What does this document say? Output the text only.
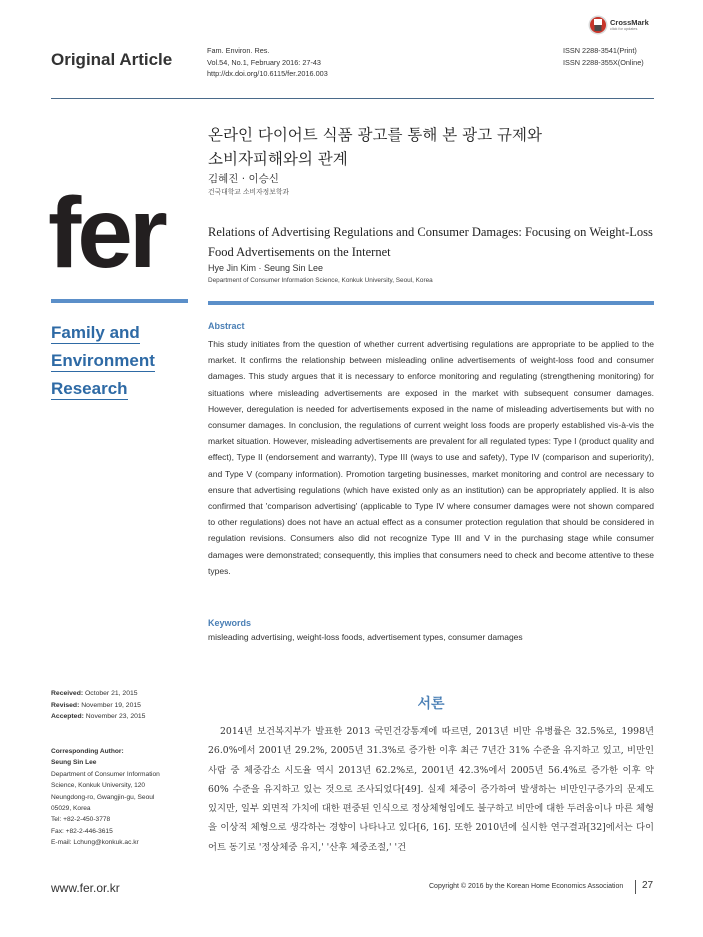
Original Article	Fam. Environ. Res.
Vol.54, No.1, February 2016: 27-43
http://dx.doi.org/10.6115/fer.2016.003
ISSN 2288-3541(Print)
ISSN 2288-355X(Online)
CrossMark
click for updates
온라인 다이어트 식품 광고를 통해 본 광고 규제와
소비자피해와의 관계
김혜진 · 이승신
건국대학교 소비자정보학과
fer
Family and
Environment
Research
Relations of Advertising Regulations and Consumer Damages: Focusing on Weight-Loss
Food Advertisements on the Internet
Hye Jin Kim · Seung Sin Lee
Department of Consumer Information Science, Konkuk University, Seoul, Korea
Abstract
This study initiates from the question of whether current advertising regulations are appropriate to be applied to the market. It confirms the relationship between misleading online advertisements of weight-loss food and consumer damages. This study argues that it is necessary to enforce monitoring and regulating (strengthening monitoring) for situations where misleading advertisements are exposed in the market with subsequent consumer damages. However, deregulation is needed for advertisements exposed in the name of misleading advertisements but with no consumer damages. In conclusion, the regulations of current weight loss foods are properly established vis-à-vis the market situation. However, misleading advertisements are prevalent for all regulated types: Type I (product quality and effect), Type II (endorsement and warranty), Type III (ways to use and safety), Type IV (comparison and superiority), and Type V (company information). Promotion targeting businesses, market monitoring and control are necessary to ensure that advertising regulations (which have existed only as an institution) can be appropriately applied. It is also confirmed that 'comparison advertising' (applicable to Type IV where consumer damages were not shown compared to other regulations) does not have an actual effect as a consumer protection regulation that should be considered in regulation revisions. Consumers also did not recognize Type III and V in the purchasing stage while consumer damages were demonstrated; consequently, this implies that consumers need to check and become attentive to these types.
Keywords
misleading advertising, weight-loss foods, advertisement types, consumer damages
Received: October 21, 2015
Revised: November 19, 2015
Accepted: November 23, 2015
Corresponding Author:
Seung Sin Lee
Department of Consumer Information
Science, Konkuk University, 120
Neungdong-ro, Gwangjin-gu, Seoul
05029, Korea
Tel: +82-2-450-3778
Fax: +82-2-446-3615
E-mail: Lchung@konkuk.ac.kr
서론
2014년 보건복지부가 발표한 2013 국민건강통계에 따르면, 2013년 비만 유병률은 32.5%로, 1998년 26.0%에서 2001년 29.2%, 2005년 31.3%로 증가한 이후 최근 7년간 31% 수준을 유지하고 있고, 비만인 사람 중 체중감소 시도율 역시 2013년 62.2%로, 2001년 42.3%에서 2005년 56.4%로 증가한 이후 약 60% 수준을 유지하고 있는 것으로 조사되었다[49]. 실제 체중이 증가하여 발생하는 비만인구증가의 문제도 있지만, 일부 외면적 가치에 대한 편중된 인식으로 정상체형임에도 불구하고 비만에 대한 두려움이나 마른 체형을 이상적 체형으로 생각하는 경향이 나타나고 있다[6, 16]. 또한 2010년에 실시한 연구결과[32]에서는 다이어트 동기로 '정상체중 유지,' '산후 체중조절,' '건
www.fer.or.kr	Copyright © 2016 by the Korean Home Economics Association 27
